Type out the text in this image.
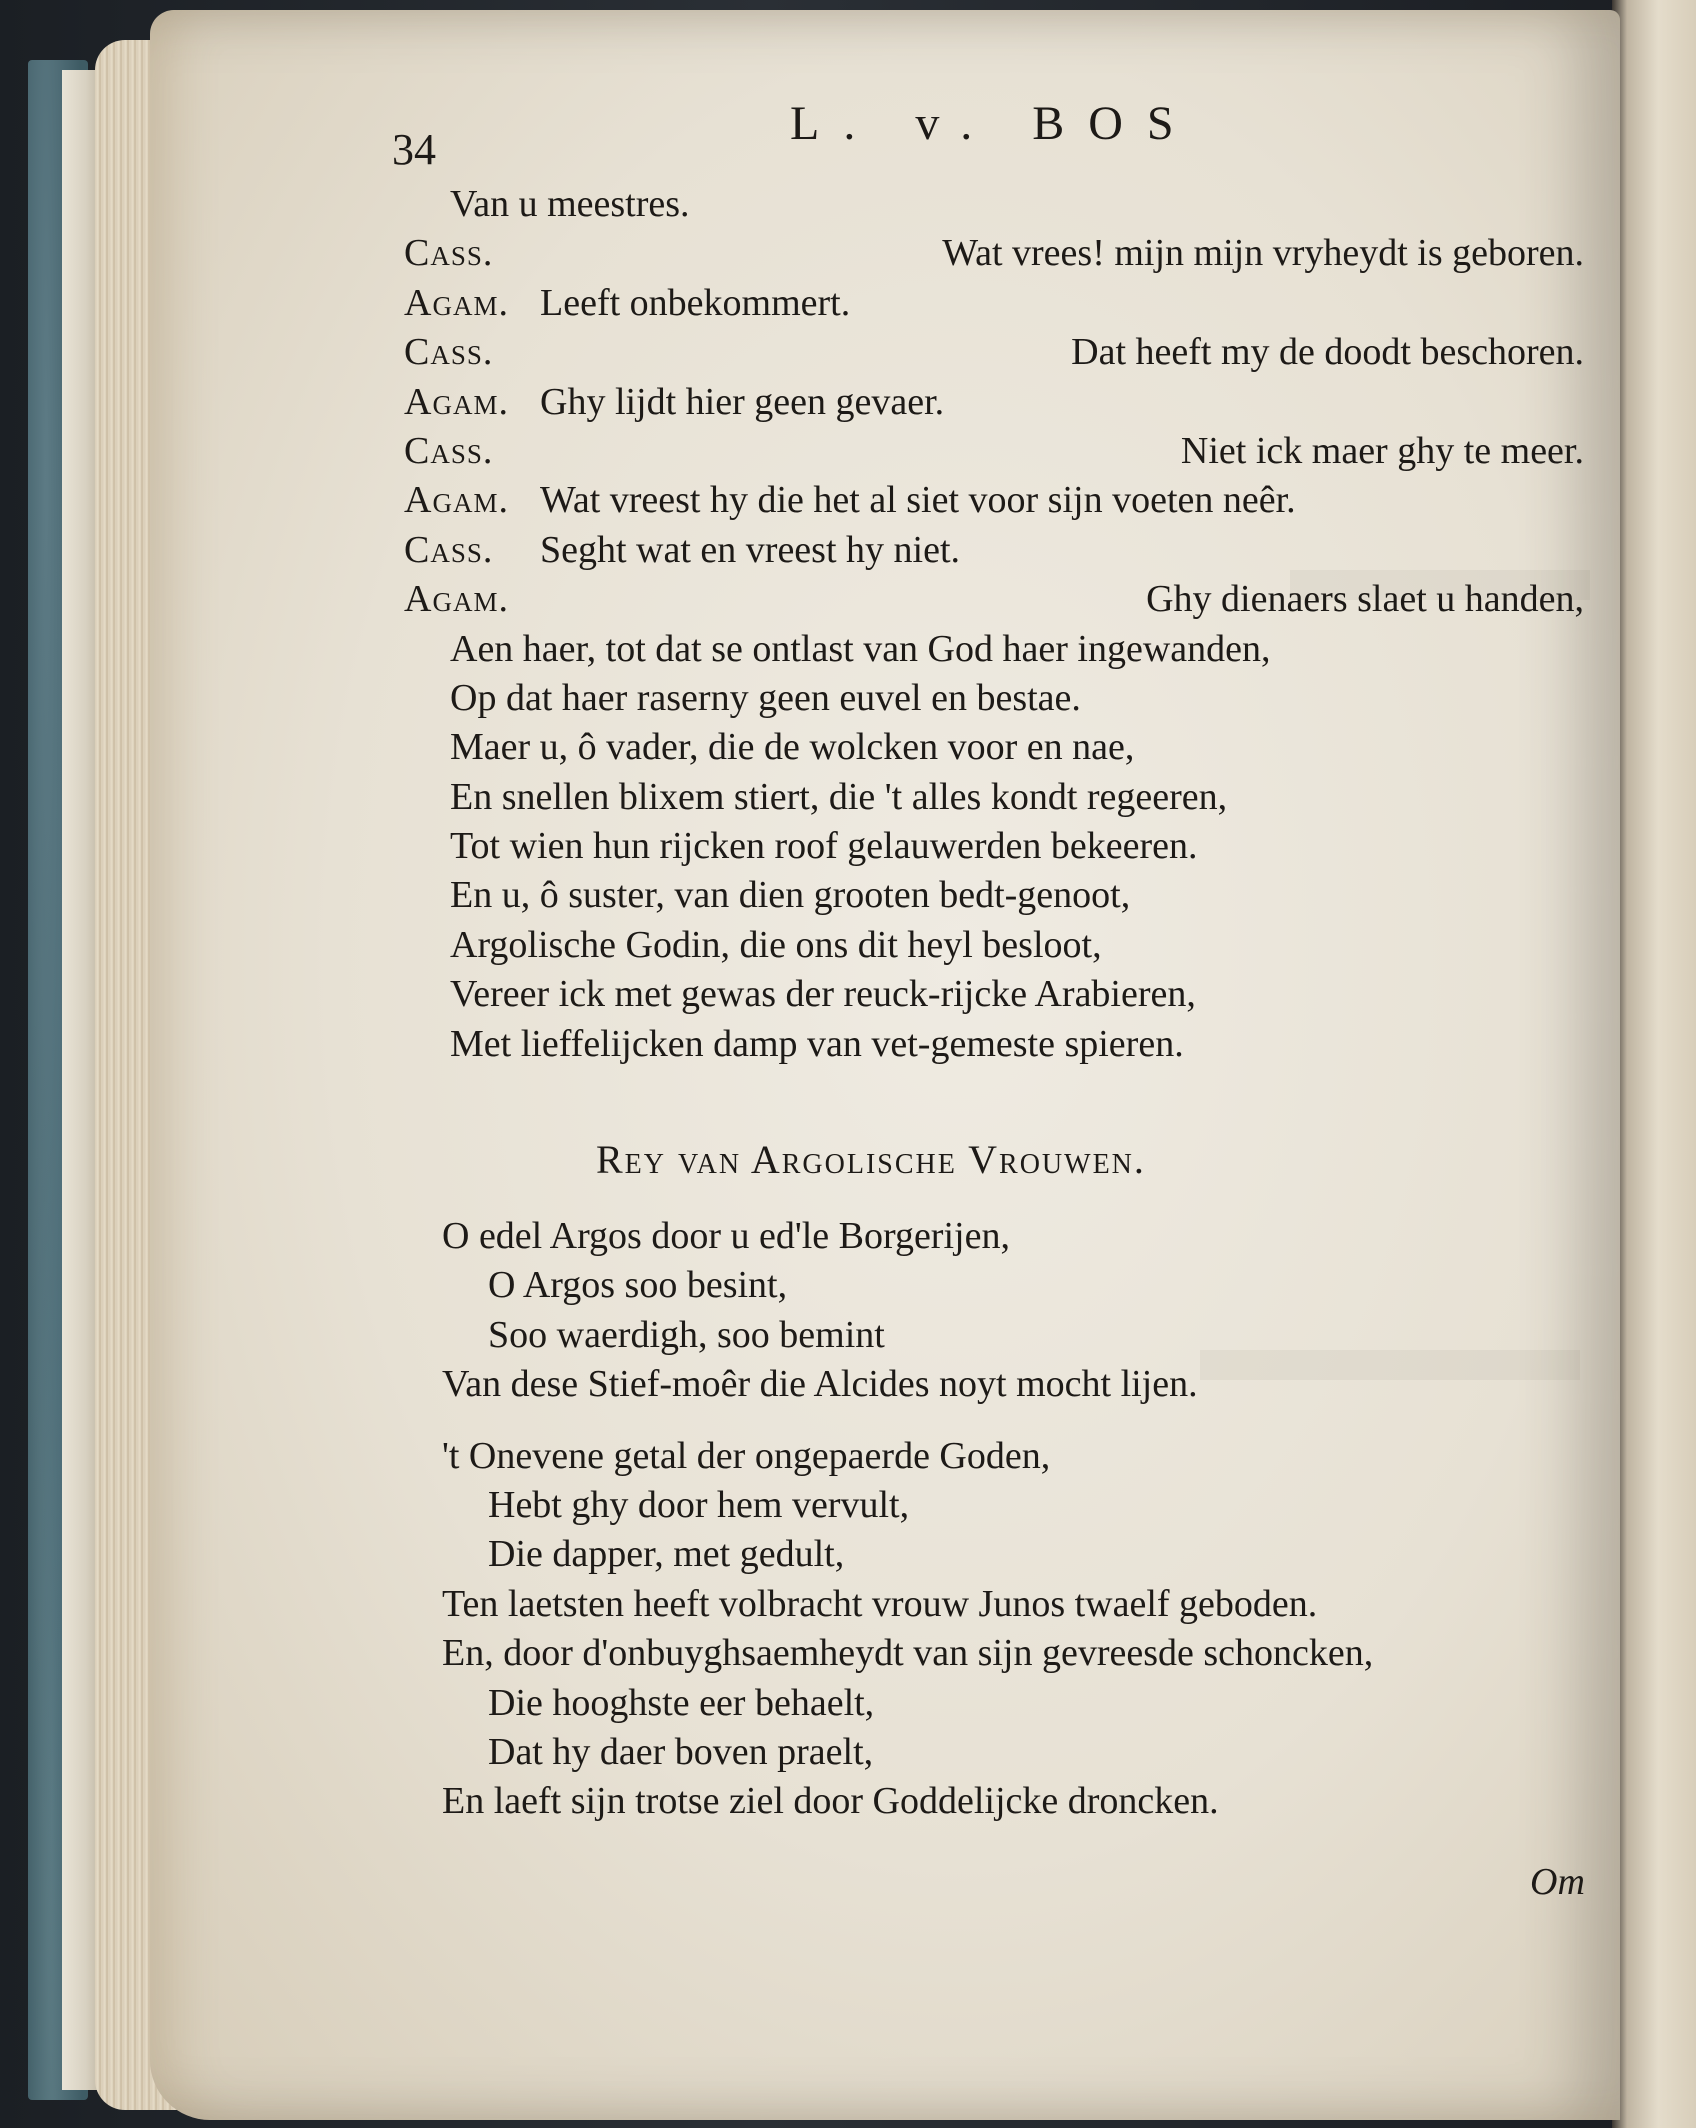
34	L. v. BOS
Van u meestres.
Cass.	Wat vrees! mijn mijn vryheydt is geboren.
Agam. Leeft onbekommert.
Cass.	Dat heeft my de doodt beschoren.
Agam. Ghy lijdt hier geen gevaer.
Cass.	Niet ick maer ghy te meer.
Agam. Wat vreest hy die het al siet voor sijn voeten neêr.
Cass. Seght wat en vreest hy niet.
Agam.	Ghy dienaers slaet u handen,
Aen haer, tot dat se ontlast van God haer ingewanden,
Op dat haer raserny geen euvel en bestae.
Maer u, ô vader, die de wolcken voor en nae,
En snellen blixem stiert, die 't alles kondt regeeren,
Tot wien hun rijcken roof gelauwerden bekeeren.
En u, ô suster, van dien grooten bedt-genoot,
Argolische Godin, die ons dit heyl besloot,
Vereer ick met gewas der reuck-rijcke Arabieren,
Met lieffelijcken damp van vet-gemeste spieren.
Rey van Argolische Vrouwen.
O edel Argos door u ed'le Borgerijen,
O Argos soo besint,
Soo waerdigh, soo bemint
Van dese Stief-moêr die Alcides noyt mocht lijen.
't Onevene getal der ongepaerde Goden,
Hebt ghy door hem vervult,
Die dapper, met gedult,
Ten laetsten heeft volbracht vrouw Junos twaelf geboden.
En, door d'onbuyghsaemheydt van sijn gevreesde schoncken,
Die hooghste eer behaelt,
Dat hy daer boven praelt,
En laeft sijn trotse ziel door Goddelijcke droncken.
Om
